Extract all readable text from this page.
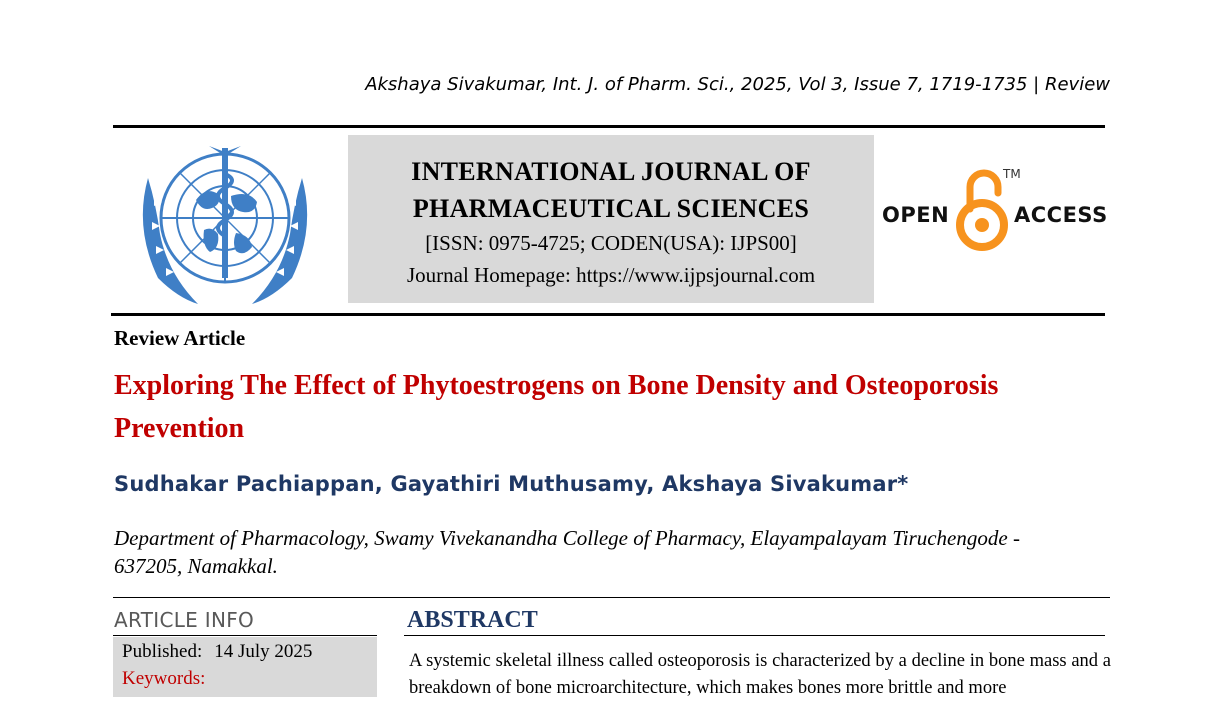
Akshaya Sivakumar, Int. J. of Pharm. Sci., 2025, Vol 3, Issue 7, 1719-1735 | Review
INTERNATIONAL JOURNAL OF
PHARMACEUTICAL SCIENCES
[ISSN: 0975-4725; CODEN(USA): IJPS00]
Journal Homepage: https://www.ijpsjournal.com
OPEN
TM
ACCESS
Review Article
Exploring The Effect of Phytoestrogens on Bone Density and Osteoporosis Prevention
Sudhakar Pachiappan, Gayathiri Muthusamy, Akshaya Sivakumar*
Department of Pharmacology, Swamy Vivekanandha College of Pharmacy, Elayampalayam Tiruchengode - 637205, Namakkal.
ARTICLE INFO
Published: 14 July 2025
Keywords:
ABSTRACT
A systemic skeletal illness called osteoporosis is characterized by a decline in bone mass and a breakdown of bone microarchitecture, which makes bones more brittle and more
